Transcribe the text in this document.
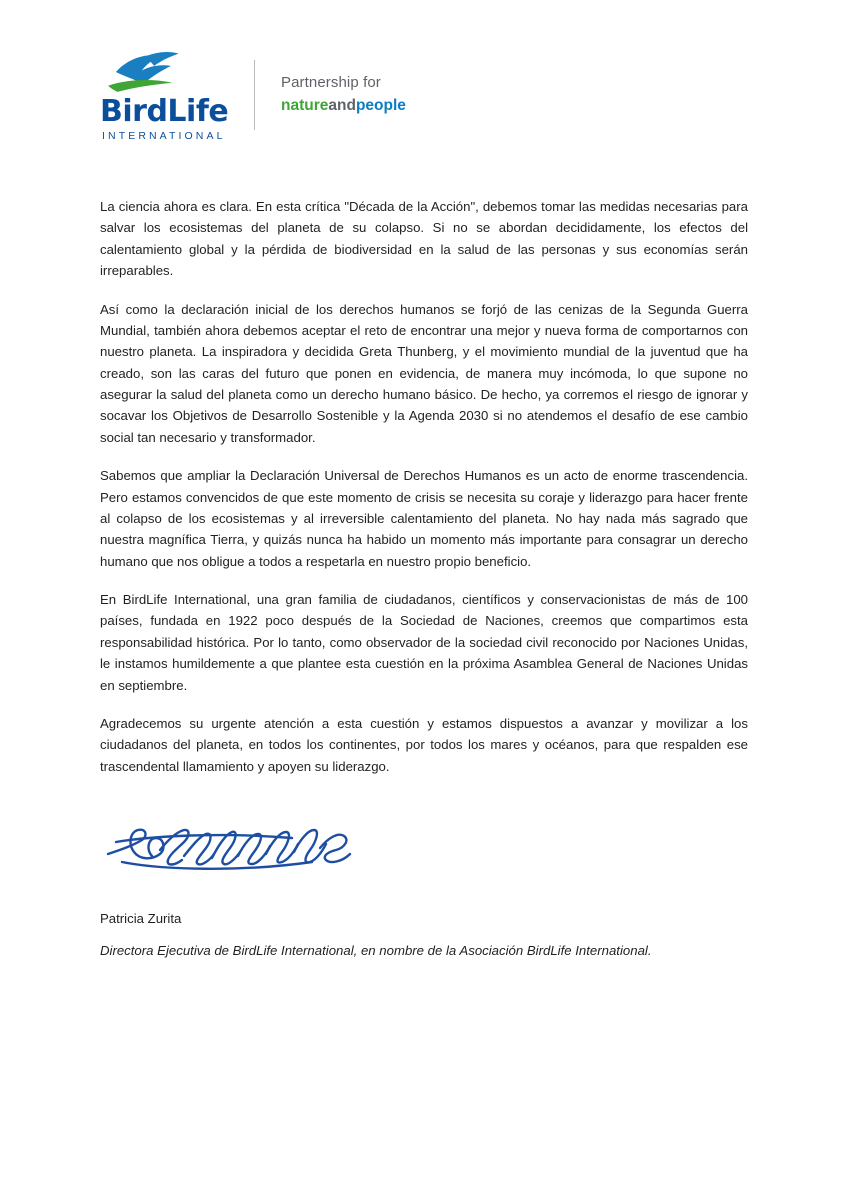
BirdLife
INTERNATIONAL
Partnership for
natureandpeople

La ciencia ahora es clara. En esta crítica "Década de la Acción", debemos tomar las medidas necesarias para salvar los ecosistemas del planeta de su colapso. Si no se abordan decididamente, los efectos del calentamiento global y la pérdida de biodiversidad en la salud de las personas y sus economías serán irreparables.

Así como la declaración inicial de los derechos humanos se forjó de las cenizas de la Segunda Guerra Mundial, también ahora debemos aceptar el reto de encontrar una mejor y nueva forma de comportarnos con nuestro planeta. La inspiradora y decidida Greta Thunberg, y el movimiento mundial de la juventud que ha creado, son las caras del futuro que ponen en evidencia, de manera muy incómoda, lo que supone no asegurar la salud del planeta como un derecho humano básico. De hecho, ya corremos el riesgo de ignorar y socavar los Objetivos de Desarrollo Sostenible y la Agenda 2030 si no atendemos el desafío de ese cambio social tan necesario y transformador.

Sabemos que ampliar la Declaración Universal de Derechos Humanos es un acto de enorme trascendencia. Pero estamos convencidos de que este momento de crisis se necesita su coraje y liderazgo para hacer frente al colapso de los ecosistemas y al irreversible calentamiento del planeta. No hay nada más sagrado que nuestra magnífica Tierra, y quizás nunca ha habido un momento más importante para consagrar un derecho humano que nos obligue a todos a respetarla en nuestro propio beneficio.

En BirdLife International, una gran familia de ciudadanos, científicos y conservacionistas de más de 100 países, fundada en 1922 poco después de la Sociedad de Naciones, creemos que compartimos esta responsabilidad histórica. Por lo tanto, como observador de la sociedad civil reconocido por Naciones Unidas, le instamos humildemente a que plantee esta cuestión en la próxima Asamblea General de Naciones Unidas en septiembre.

Agradecemos su urgente atención a esta cuestión y estamos dispuestos a avanzar y movilizar a los ciudadanos del planeta, en todos los continentes, por todos los mares y océanos, para que respalden ese trascendental llamamiento y apoyen su liderazgo.

Patricia Zurita
Directora Ejecutiva de BirdLife International, en nombre de la Asociación BirdLife International.
